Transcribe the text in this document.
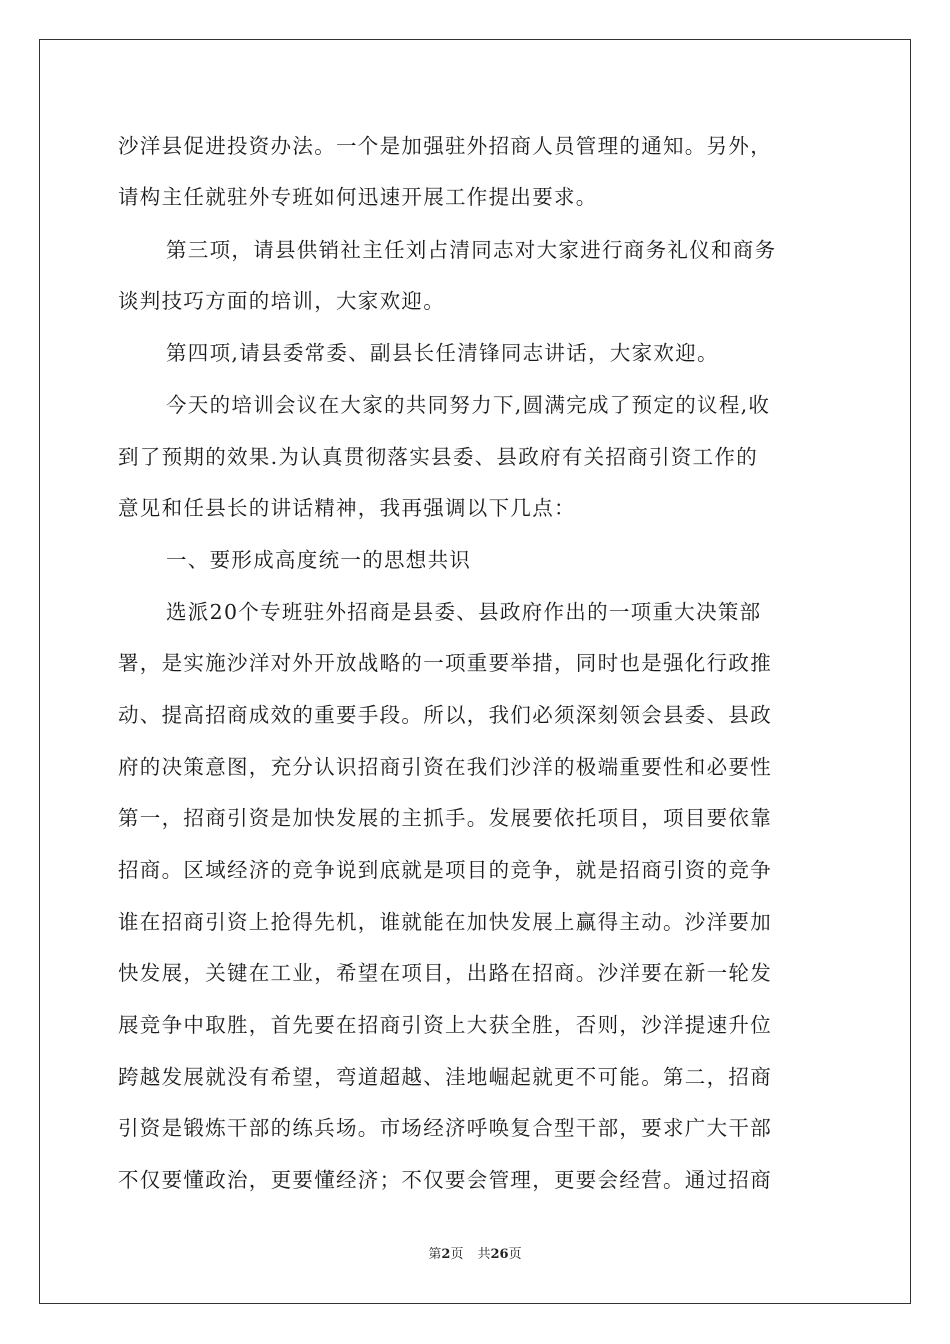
沙洋县促进投资办法。一个是加强驻外招商人员管理的通知。另外，
请构主任就驻外专班如何迅速开展工作提出要求。
第三项，请县供销社主任刘占清同志对大家进行商务礼仪和商务
谈判技巧方面的培训，大家欢迎。
第四项,请县委常委、副县长任清锋同志讲话，大家欢迎。
今天的培训会议在大家的共同努力下,圆满完成了预定的议程,收
到了预期的效果.为认真贯彻落实县委、县政府有关招商引资工作的
意见和任县长的讲话精神，我再强调以下几点：
一、要形成高度统一的思想共识
选派20个专班驻外招商是县委、县政府作出的一项重大决策部
署，是实施沙洋对外开放战略的一项重要举措，同时也是强化行政推
动、提高招商成效的重要手段。所以，我们必须深刻领会县委、县政
府的决策意图，充分认识招商引资在我们沙洋的极端重要性和必要性
第一，招商引资是加快发展的主抓手。发展要依托项目，项目要依靠
招商。区域经济的竞争说到底就是项目的竞争，就是招商引资的竞争
谁在招商引资上抢得先机，谁就能在加快发展上赢得主动。沙洋要加
快发展，关键在工业，希望在项目，出路在招商。沙洋要在新一轮发
展竞争中取胜，首先要在招商引资上大获全胜，否则，沙洋提速升位
跨越发展就没有希望，弯道超越、洼地崛起就更不可能。第二，招商
引资是锻炼干部的练兵场。市场经济呼唤复合型干部，要求广大干部
不仅要懂政治，更要懂经济；不仅要会管理，更要会经营。通过招商
第2页 共26页
